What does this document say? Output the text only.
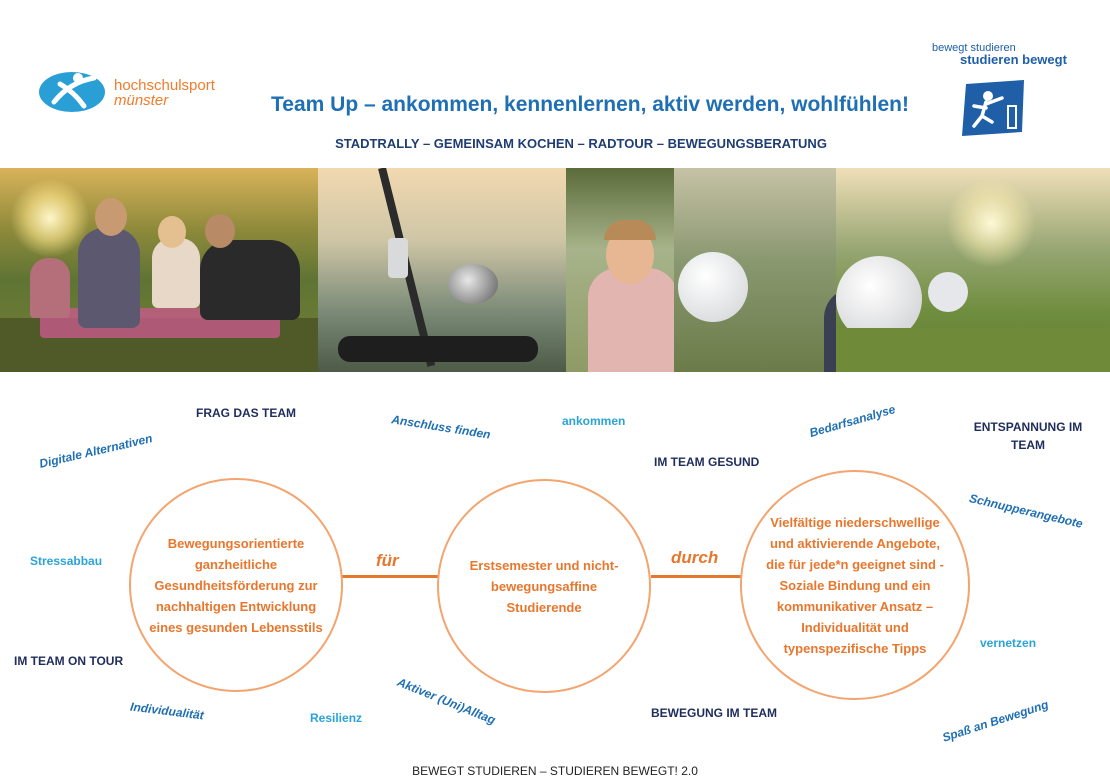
hochschulsport
münster
bewegt studieren
studieren bewegt
Team Up – ankommen, kennenlernen, aktiv werden, wohlfühlen!
STADTRALLY – GEMEINSAM KOCHEN – RADTOUR – BEWEGUNGSBERATUNG
FRAG DAS TEAM	Anschluss finden	ankommen	Bedarfsanalyse	ENTSPANNUNG IM TEAM
Digitale Alternativen	IM TEAM GESUND
Schnupperangebote
Stressabbau
vernetzen
IM TEAM ON TOUR
Aktiver (Uni)Alltag
Individualität	Resilienz	BEWEGUNG IM TEAM	Spaß an Bewegung
für	durch
Bewegungsorientierte ganzheitliche Gesundheitsförderung zur nachhaltigen Entwicklung eines gesunden Lebensstils
Erstsemester und nicht-bewegungsaffine Studierende
Vielfältige niederschwellige und aktivierende Angebote, die für jede*n geeignet sind - Soziale Bindung und ein kommunikativer Ansatz – Individualität und typenspezifische Tipps
BEWEGT STUDIEREN – STUDIEREN BEWEGT! 2.0
